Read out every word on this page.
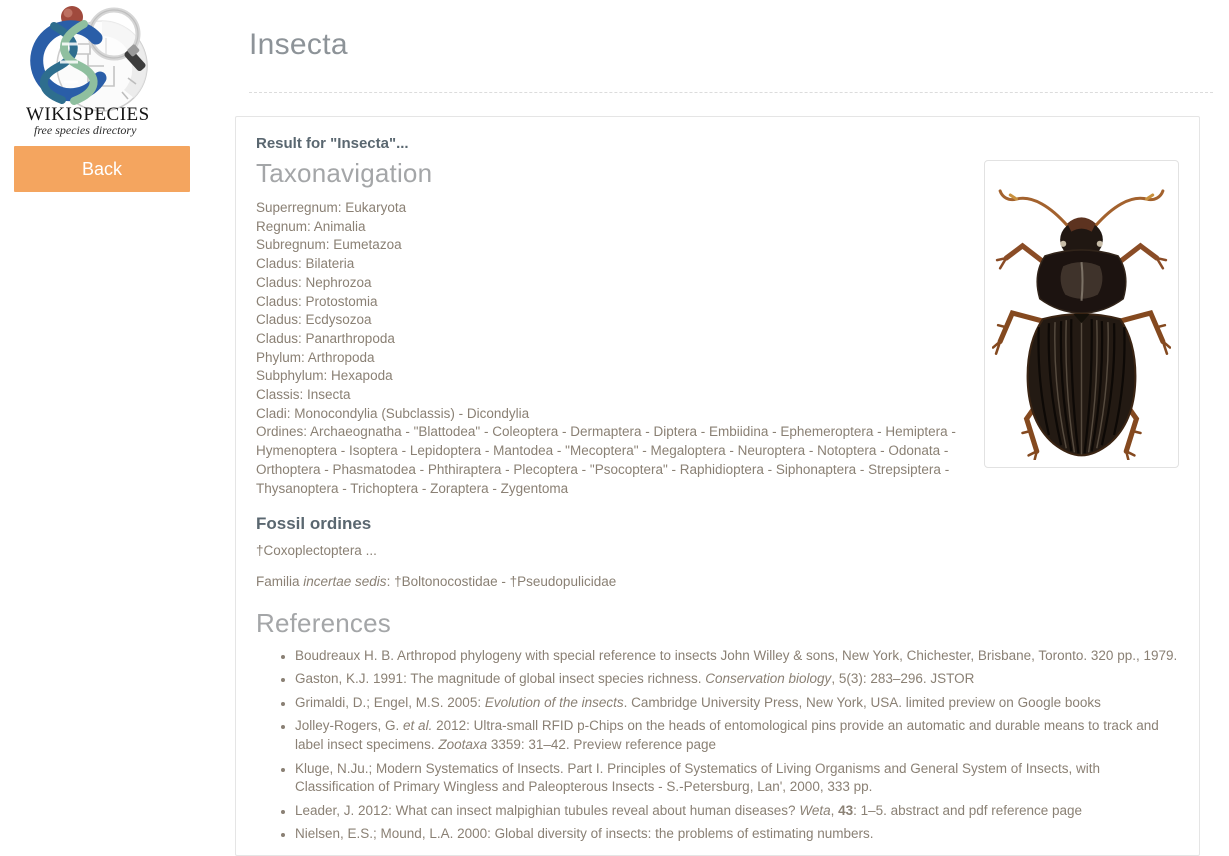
WIKISPECIES
free species directory
Back
Insecta
Result for "Insecta"...
Taxonavigation
Superregnum: Eukaryota
Regnum: Animalia
Subregnum: Eumetazoa
Cladus: Bilateria
Cladus: Nephrozoa
Cladus: Protostomia
Cladus: Ecdysozoa
Cladus: Panarthropoda
Phylum: Arthropoda
Subphylum: Hexapoda
Classis: Insecta
Cladi: Monocondylia (Subclassis) - Dicondylia
Ordines: Archaeognatha - "Blattodea" - Coleoptera - Dermaptera - Diptera - Embiidina - Ephemeroptera - Hemiptera - Hymenoptera - Isoptera - Lepidoptera - Mantodea - "Mecoptera" - Megaloptera - Neuroptera - Notoptera - Odonata - Orthoptera - Phasmatodea - Phthiraptera - Plecoptera - "Psocoptera" - Raphidioptera - Siphonaptera - Strepsiptera - Thysanoptera - Trichoptera - Zoraptera - Zygentoma
Fossil ordines

†Coxoplectoptera ...

Familia incertae sedis: †Boltonocostidae - †Pseudopulicidae

References
• Boudreaux H. B. Arthropod phylogeny with special reference to insects John Willey & sons, New York, Chichester, Brisbane, Toronto. 320 pp., 1979.
• Gaston, K.J. 1991: The magnitude of global insect species richness. Conservation biology, 5(3): 283–296. JSTOR
• Grimaldi, D.; Engel, M.S. 2005: Evolution of the insects. Cambridge University Press, New York, USA. limited preview on Google books
• Jolley-Rogers, G. et al. 2012: Ultra-small RFID p-Chips on the heads of entomological pins provide an automatic and durable means to track and label insect specimens. Zootaxa 3359: 31–42. Preview reference page
• Kluge, N.Ju.; Modern Systematics of Insects. Part I. Principles of Systematics of Living Organisms and General System of Insects, with Classification of Primary Wingless and Paleopterous Insects - S.-Petersburg, Lan', 2000, 333 pp.
• Leader, J. 2012: What can insect malpighian tubules reveal about human diseases? Weta, 43: 1–5. abstract and pdf reference page
• Nielsen, E.S.; Mound, L.A. 2000: Global diversity of insects: the problems of estimating numbers.
